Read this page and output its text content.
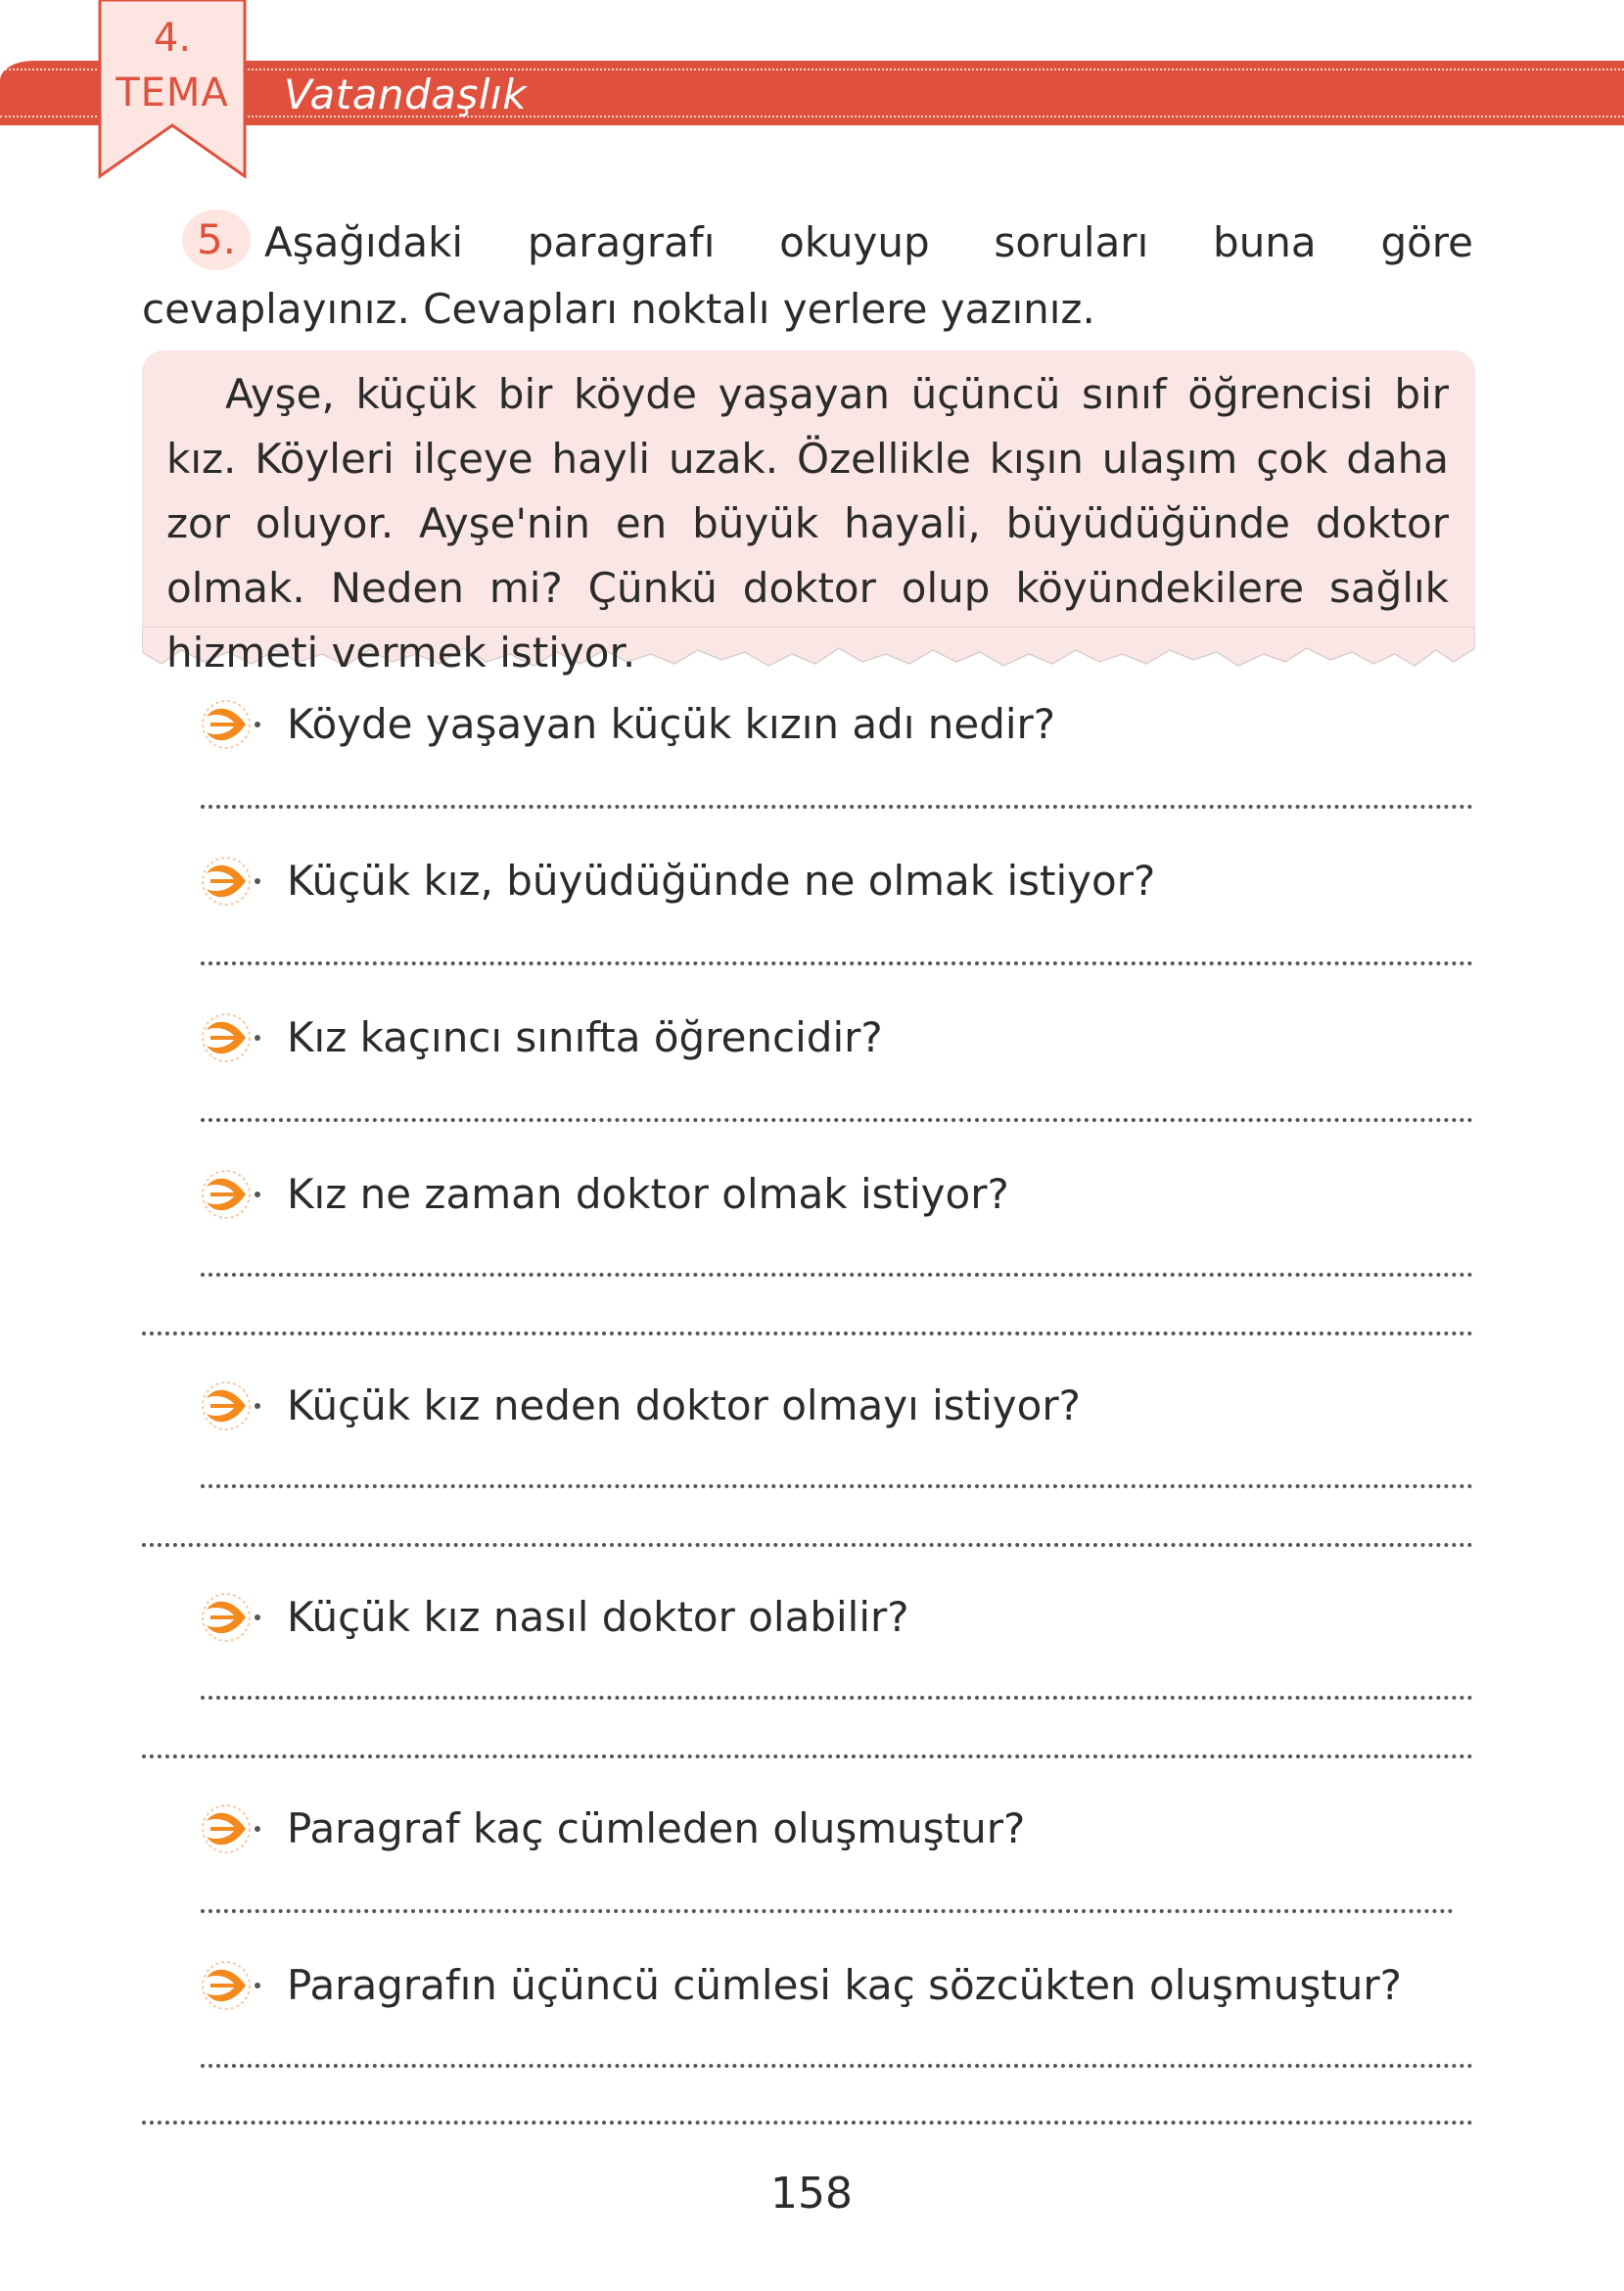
Vatandaşlık
4.
TEMA
Aşağıdaki paragrafı okuyup soruları buna göre cevaplayınız. Cevapları noktalı yerlere yazınız.
5.
Ayşe, küçük bir köyde yaşayan üçüncü sınıf öğrencisi bir kız. Köyleri ilçeye hayli uzak. Özellikle kışın ulaşım çok daha zor oluyor. Ayşe'nin en büyük hayali, büyüdüğünde doktor olmak. Neden mi? Çünkü doktor olup köyündekilere sağlık hizmeti vermek istiyor.
Köyde yaşayan küçük kızın adı nedir?
Küçük kız, büyüdüğünde ne olmak istiyor?
Kız kaçıncı sınıfta öğrencidir?
Kız ne zaman doktor olmak istiyor?
Küçük kız neden doktor olmayı istiyor?
Küçük kız nasıl doktor olabilir?
Paragraf kaç cümleden oluşmuştur?
Paragrafın üçüncü cümlesi kaç sözcükten oluşmuştur?
158
